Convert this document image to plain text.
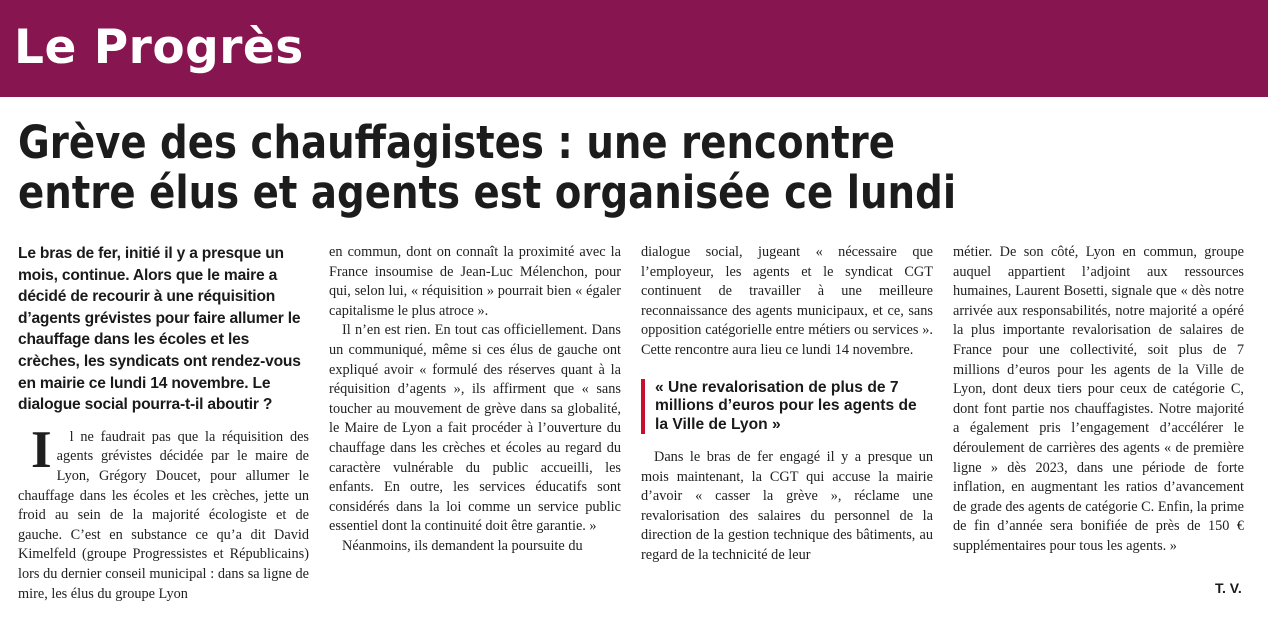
Le Progrès
Grève des chauffagistes : une rencontre
entre élus et agents est organisée ce lundi

Le bras de fer, initié il y a presque un mois, continue. Alors que le maire a décidé de recourir à une réquisition d’agents grévistes pour faire allumer le chauffage dans les écoles et les crèches, les syndicats ont rendez-vous en mairie ce lundi 14 novembre. Le dialogue social pourra-t-il aboutir ?

I l ne faudrait pas que la réquisition des agents grévistes décidée par le maire de Lyon, Grégory Doucet, pour allumer le chauffage dans les écoles et les crèches, jette un froid au sein de la majorité écologiste et de gauche. C’est en substance ce qu’a dit David Kimelfeld (groupe Progressistes et Républicains) lors du dernier conseil municipal : dans sa ligne de mire, les élus du groupe Lyon

en commun, dont on connaît la proximité avec la France insoumise de Jean-Luc Mélenchon, pour qui, selon lui, « réquisition » pourrait bien « égaler capitalisme le plus atroce ».

Il n’en est rien. En tout cas officiellement. Dans un communiqué, même si ces élus de gauche ont expliqué avoir « formulé des réserves quant à la réquisition d’agents », ils affirment que « sans toucher au mouvement de grève dans sa globalité, le Maire de Lyon a fait procéder à l’ouverture du chauffage dans les crèches et écoles au regard du caractère vulnérable du public accueilli, les enfants. En outre, les services éducatifs sont considérés dans la loi comme un service public essentiel dont la continuité doit être garantie. »

Néanmoins, ils demandent la poursuite du

dialogue social, jugeant « nécessaire que l’employeur, les agents et le syndicat CGT continuent de travailler à une meilleure reconnaissance des agents municipaux, et ce, sans opposition catégorielle entre métiers ou services ». Cette rencontre aura lieu ce lundi 14 novembre.

« Une revalorisation de plus de 7 millions d’euros pour les agents de la Ville de Lyon »

Dans le bras de fer engagé il y a presque un mois maintenant, la CGT qui accuse la mairie d’avoir « casser la grève », réclame une revalorisation des salaires du personnel de la direction de la gestion technique des bâtiments, au regard de la technicité de leur

métier. De son côté, Lyon en commun, groupe auquel appartient l’adjoint aux ressources humaines, Laurent Bosetti, signale que « dès notre arrivée aux responsabilités, notre majorité a opéré la plus importante revalorisation de salaires de France pour une collectivité, soit plus de 7 millions d’euros pour les agents de la Ville de Lyon, dont deux tiers pour ceux de catégorie C, dont font partie nos chauffagistes. Notre majorité a également pris l’engagement d’accélérer le déroulement de carrières des agents « de première ligne » dès 2023, dans une période de forte inflation, en augmentant les ratios d’avancement de grade des agents de catégorie C. Enfin, la prime de fin d’année sera bonifiée de près de 150 € supplémentaires pour tous les agents. »

T. V.
